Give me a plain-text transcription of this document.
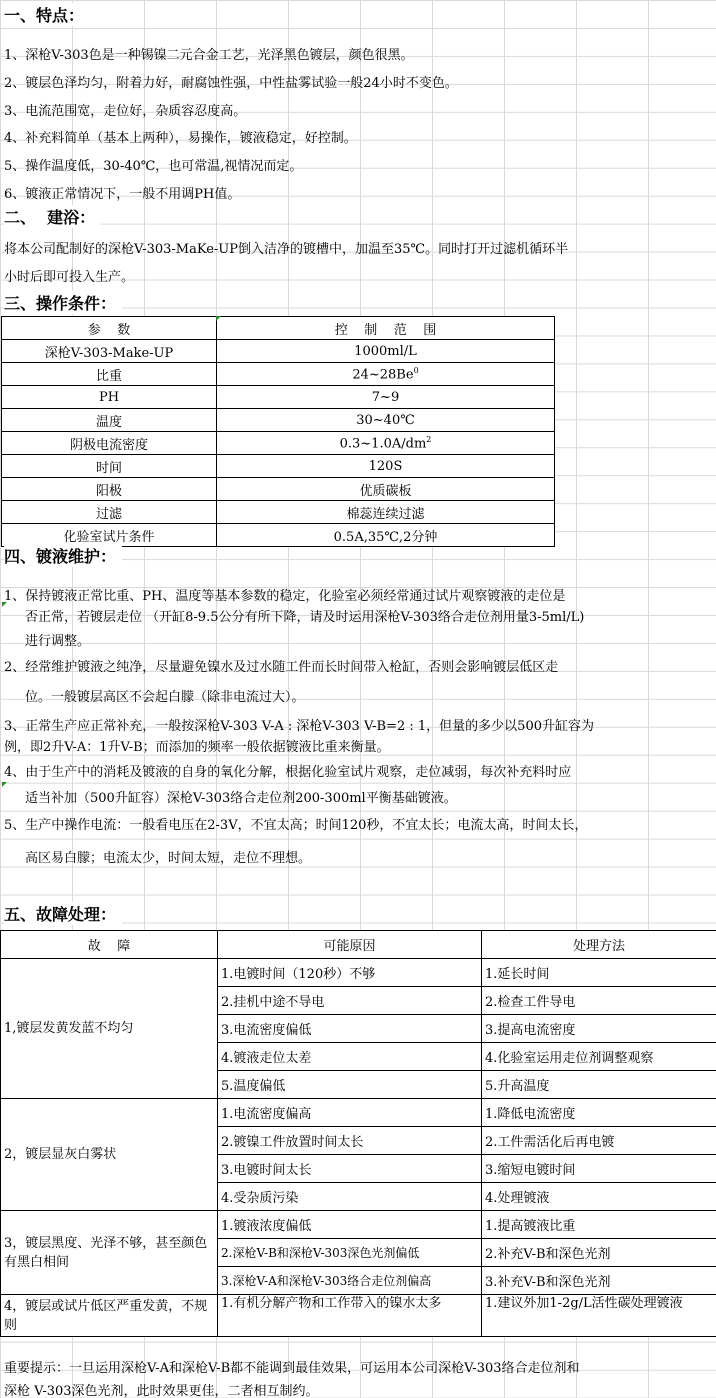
一、特点：
1、深枪V-303色是一种锡镍二元合金工艺，光泽黑色镀层，颜色很黑。
2、镀层色泽均匀，附着力好，耐腐蚀性强，中性盐雾试验一般24小时不变色。
3、电流范围宽，走位好，杂质容忍度高。
4、补充料简单（基本上两种），易操作，镀液稳定，好控制。
5、操作温度低，30-40℃，也可常温,视情况而定。
6、镀液正常情况下，一般不用调PH值。
二、  建浴：
将本公司配制好的深枪V-303-MaKe-UP倒入洁净的镀槽中，加温至35℃。同时打开过滤机循环半
小时后即可投入生产。
三、操作条件：
参    数	控    制    范    围
深枪V-303-Make-UP	1000ml/L
比重	24~28Be$^0$
PH	7~9
温度	30~40℃
阴极电流密度	$0.3\sim 1.0A/dm^2$
时间	120S
阳极	优质碳板
过滤	棉蕊连续过滤
化验室试片条件	0.5A,35℃,2分钟
四、镀液维护：
1、保持镀液正常比重、PH、温度等基本参数的稳定，化验室必须经常通过试片观察镀液的走位是
否正常，若镀层走位 （开缸8-9.5公分有所下降，请及时运用深枪V-303络合走位剂用量3-5ml/L)
进行调整。
2、经常维护镀液之纯净，尽量避免镍水及过水随工件而长时间带入枪缸，否则会影响镀层低区走
位。一般镀层高区不会起白朦（除非电流过大）。
3、正常生产应正常补充，一般按深枪V-303 V-A : 深枪V-303 V-B=2 : 1，但量的多少以500升缸容为
例，即2升V-A：1升V-B；而添加的频率一般依据镀液比重来衡量。
4、由于生产中的消耗及镀液的自身的氧化分解，根据化验室试片观察，走位减弱，每次补充料时应
适当补加（500升缸容）深枪V-303络合走位剂200-300ml平衡基础镀液。
5、生产中操作电流：一般看电压在2-3V，不宜太高；时间120秒，不宜太长；电流太高，时间太长，
高区易白朦；电流太少，时间太短，走位不理想。
五、故障处理：
故    障	可能原因	处理方法
1,镀层发黄发蓝不均匀	1.电镀时间（120秒）不够	1.延长时间
	2.挂机中途不导电	2.检查工件导电
	3.电流密度偏低	3.提高电流密度
	4.镀液走位太差	4.化验室运用走位剂调整观察
	5.温度偏低	5.升高温度
2，镀层显灰白雾状	1.电流密度偏高	1.降低电流密度
	2.镀镍工件放置时间太长	2.工件需活化后再电镀
	3.电镀时间太长	3.缩短电镀时间
	4.受杂质污染	4.处理镀液
3，镀层黑度、光泽不够，甚至颜色有黑白相间	1.镀液浓度偏低	1.提高镀液比重
	2.深枪V-B和深枪V-303深色光剂偏低	2.补充V-B和深色光剂
	3.深枪V-A和深枪V-303络合走位剂偏高	3.补充V-B和深色光剂
4，镀层或试片低区严重发黄，不规则	1.有机分解产物和工作带入的镍水太多	1.建议外加1-2g/L活性碳处理镀液
重要提示：一旦运用深枪V-A和深枪V-B都不能调到最佳效果，可运用本公司深枪V-303络合走位剂和
深枪 V-303深色光剂，此时效果更佳，二者相互制约。
